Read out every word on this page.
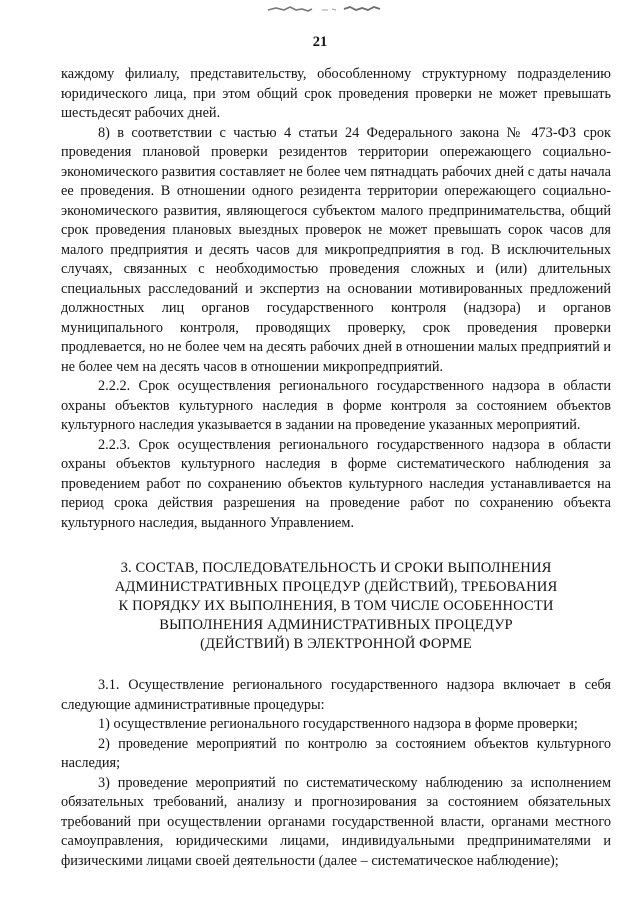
21

каждому филиалу, представительству, обособленному структурному подразделению юридического лица, при этом общий срок проведения проверки не может превышать шестьдесят рабочих дней.

8) в соответствии с частью 4 статьи 24 Федерального закона № 473-ФЗ срок проведения плановой проверки резидентов территории опережающего социально-экономического развития составляет не более чем пятнадцать рабочих дней с даты начала ее проведения. В отношении одного резидента территории опережающего социально-экономического развития, являющегося субъектом малого предпринимательства, общий срок проведения плановых выездных проверок не может превышать сорок часов для малого предприятия и десять часов для микропредприятия в год. В исключительных случаях, связанных с необходимостью проведения сложных и (или) длительных специальных расследований и экспертиз на основании мотивированных предложений должностных лиц органов государственного контроля (надзора) и органов муниципального контроля, проводящих проверку, срок проведения проверки продлевается, но не более чем на десять рабочих дней в отношении малых предприятий и не более чем на десять часов в отношении микропредприятий.

2.2.2. Срок осуществления регионального государственного надзора в области охраны объектов культурного наследия в форме контроля за состоянием объектов культурного наследия указывается в задании на проведение указанных мероприятий.

2.2.3. Срок осуществления регионального государственного надзора в области охраны объектов культурного наследия в форме систематического наблюдения за проведением работ по сохранению объектов культурного наследия устанавливается на период срока действия разрешения на проведение работ по сохранению объекта культурного наследия, выданного Управлением.

3. СОСТАВ, ПОСЛЕДОВАТЕЛЬНОСТЬ И СРОКИ ВЫПОЛНЕНИЯ
АДМИНИСТРАТИВНЫХ ПРОЦЕДУР (ДЕЙСТВИЙ), ТРЕБОВАНИЯ
К ПОРЯДКУ ИХ ВЫПОЛНЕНИЯ, В ТОМ ЧИСЛЕ ОСОБЕННОСТИ
ВЫПОЛНЕНИЯ АДМИНИСТРАТИВНЫХ ПРОЦЕДУР
(ДЕЙСТВИЙ) В ЭЛЕКТРОННОЙ ФОРМЕ

3.1. Осуществление регионального государственного надзора включает в себя следующие административные процедуры:

1) осуществление регионального государственного надзора в форме проверки;

2) проведение мероприятий по контролю за состоянием объектов культурного наследия;

3) проведение мероприятий по систематическому наблюдению за исполнением обязательных требований, анализу и прогнозирования за состоянием обязательных требований при осуществлении органами государственной власти, органами местного самоуправления, юридическими лицами, индивидуальными предпринимателями и физическими лицами своей деятельности (далее – систематическое наблюдение);
